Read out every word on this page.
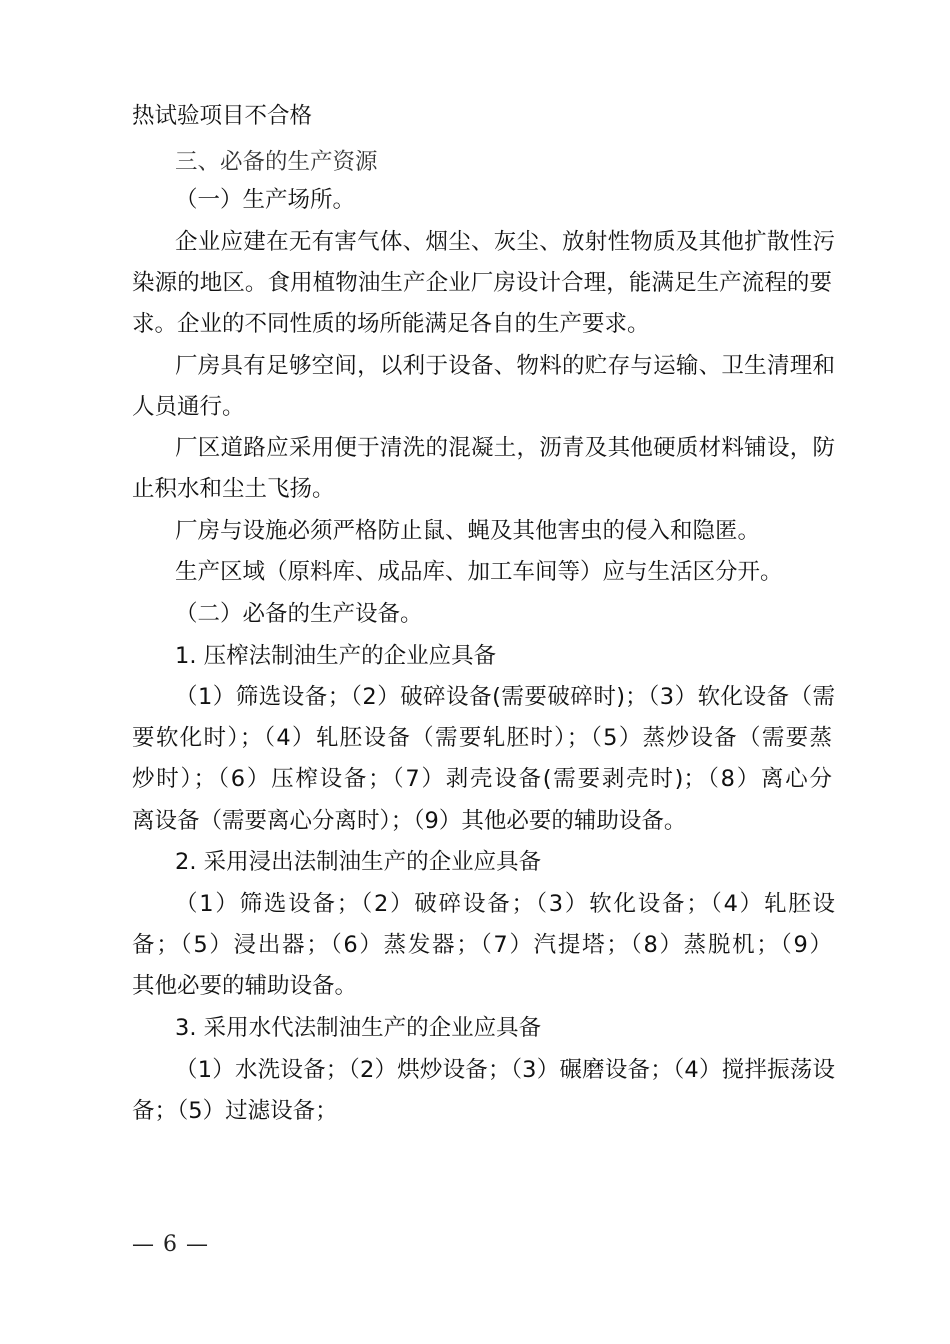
热试验项目不合格
三、必备的生产资源
（一）生产场所。
企业应建在无有害气体、烟尘、灰尘、放射性物质及其他扩散性污
染源的地区。食用植物油生产企业厂房设计合理，能满足生产流程的要
求。企业的不同性质的场所能满足各自的生产要求。
厂房具有足够空间，以利于设备、物料的贮存与运输、卫生清理和
人员通行。
厂区道路应采用便于清洗的混凝土，沥青及其他硬质材料铺设，防
止积水和尘土飞扬。
厂房与设施必须严格防止鼠、蝇及其他害虫的侵入和隐匿。
生产区域（原料库、成品库、加工车间等）应与生活区分开。
（二）必备的生产设备。
1. 压榨法制油生产的企业应具备
（1）筛选设备；（2）破碎设备(需要破碎时)；（3）软化设备（需
要软化时）；（4）轧胚设备（需要轧胚时）；（5）蒸炒设备（需要蒸
炒时）；（6）压榨设备；（7）剥壳设备(需要剥壳时)；（8）离心分
离设备（需要离心分离时）；（9）其他必要的辅助设备。
2. 采用浸出法制油生产的企业应具备
（1）筛选设备；（2）破碎设备；（3）软化设备；（4）轧胚设
备；（5）浸出器；（6）蒸发器；（7）汽提塔；（8）蒸脱机；（9）
其他必要的辅助设备。
3. 采用水代法制油生产的企业应具备
（1）水洗设备；（2）烘炒设备；（3）碾磨设备；（4）搅拌振荡设
备；（5）过滤设备；
— 6 —
